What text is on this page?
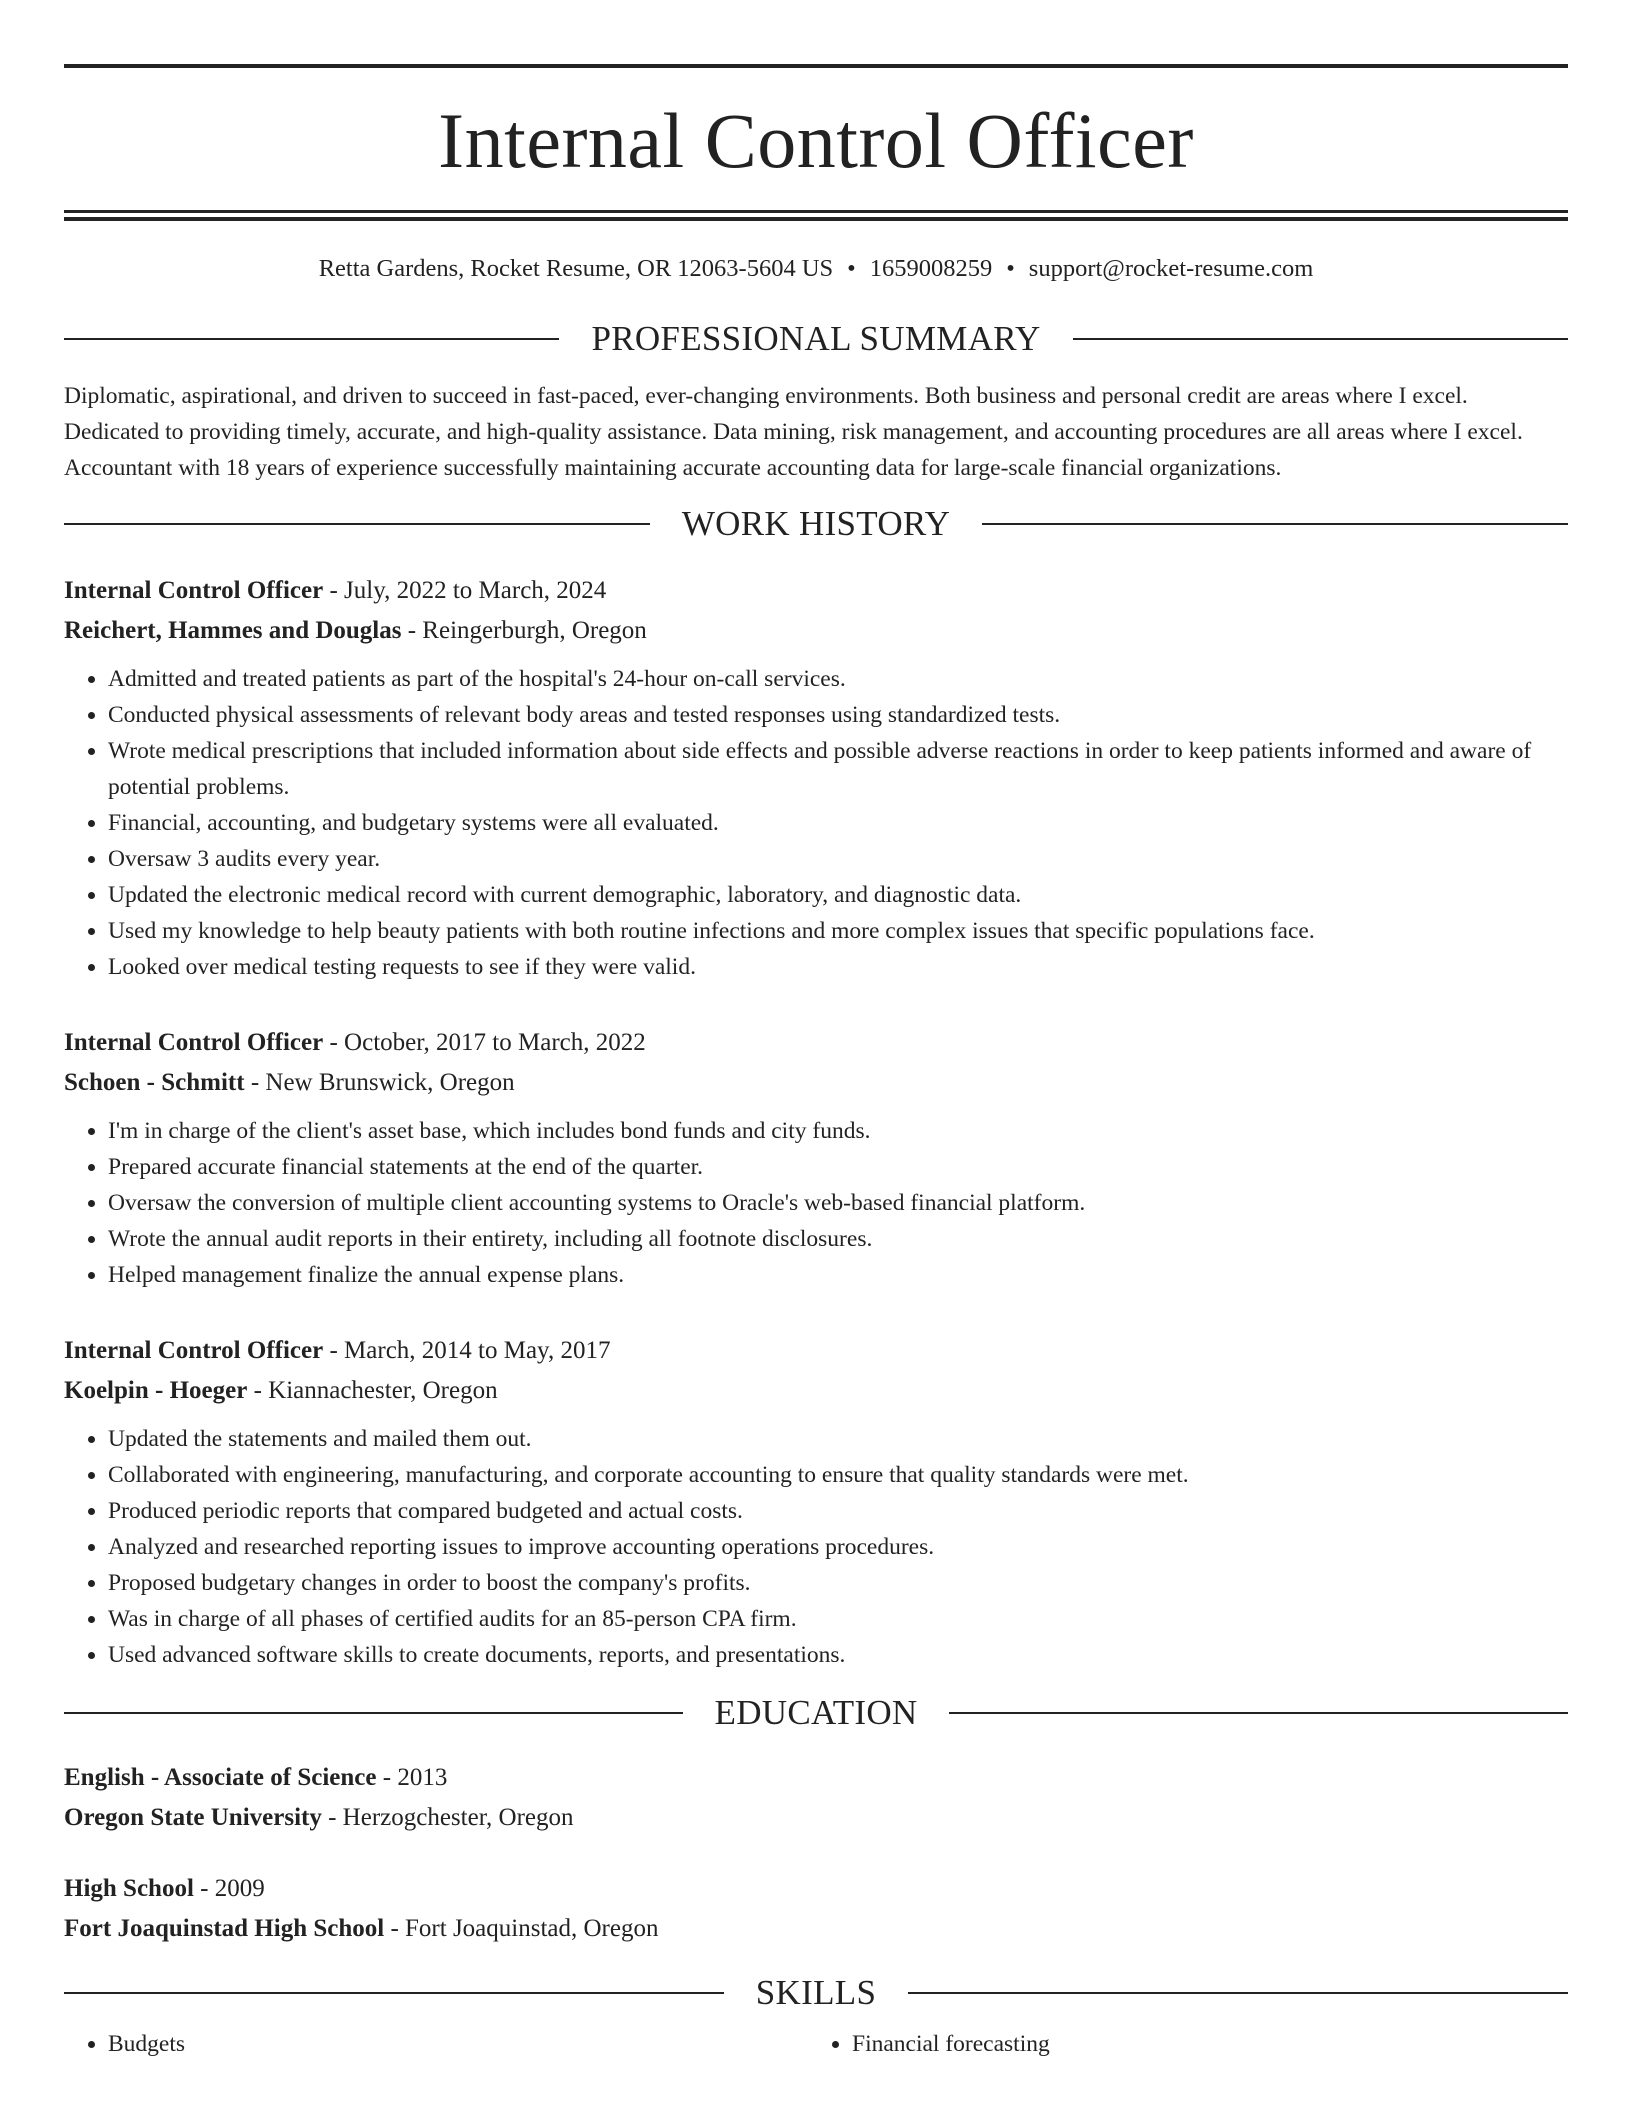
Internal Control Officer
Retta Gardens, Rocket Resume, OR 12063-5604 US • 1659008259 • support@rocket-resume.com
PROFESSIONAL SUMMARY
Diplomatic, aspirational, and driven to succeed in fast-paced, ever-changing environments. Both business and personal credit are areas where I excel. Dedicated to providing timely, accurate, and high-quality assistance. Data mining, risk management, and accounting procedures are all areas where I excel. Accountant with 18 years of experience successfully maintaining accurate accounting data for large-scale financial organizations.
WORK HISTORY
Internal Control Officer - July, 2022 to March, 2024
Reichert, Hammes and Douglas - Reingerburgh, Oregon
• Admitted and treated patients as part of the hospital's 24-hour on-call services.
• Conducted physical assessments of relevant body areas and tested responses using standardized tests.
• Wrote medical prescriptions that included information about side effects and possible adverse reactions in order to keep patients informed and aware of potential problems.
• Financial, accounting, and budgetary systems were all evaluated.
• Oversaw 3 audits every year.
• Updated the electronic medical record with current demographic, laboratory, and diagnostic data.
• Used my knowledge to help beauty patients with both routine infections and more complex issues that specific populations face.
• Looked over medical testing requests to see if they were valid.
Internal Control Officer - October, 2017 to March, 2022
Schoen - Schmitt - New Brunswick, Oregon
• I'm in charge of the client's asset base, which includes bond funds and city funds.
• Prepared accurate financial statements at the end of the quarter.
• Oversaw the conversion of multiple client accounting systems to Oracle's web-based financial platform.
• Wrote the annual audit reports in their entirety, including all footnote disclosures.
• Helped management finalize the annual expense plans.
Internal Control Officer - March, 2014 to May, 2017
Koelpin - Hoeger - Kiannachester, Oregon
• Updated the statements and mailed them out.
• Collaborated with engineering, manufacturing, and corporate accounting to ensure that quality standards were met.
• Produced periodic reports that compared budgeted and actual costs.
• Analyzed and researched reporting issues to improve accounting operations procedures.
• Proposed budgetary changes in order to boost the company's profits.
• Was in charge of all phases of certified audits for an 85-person CPA firm.
• Used advanced software skills to create documents, reports, and presentations.
EDUCATION
English - Associate of Science - 2013
Oregon State University - Herzogchester, Oregon
High School - 2009
Fort Joaquinstad High School - Fort Joaquinstad, Oregon
SKILLS
• Budgets
•	Financial forecasting
